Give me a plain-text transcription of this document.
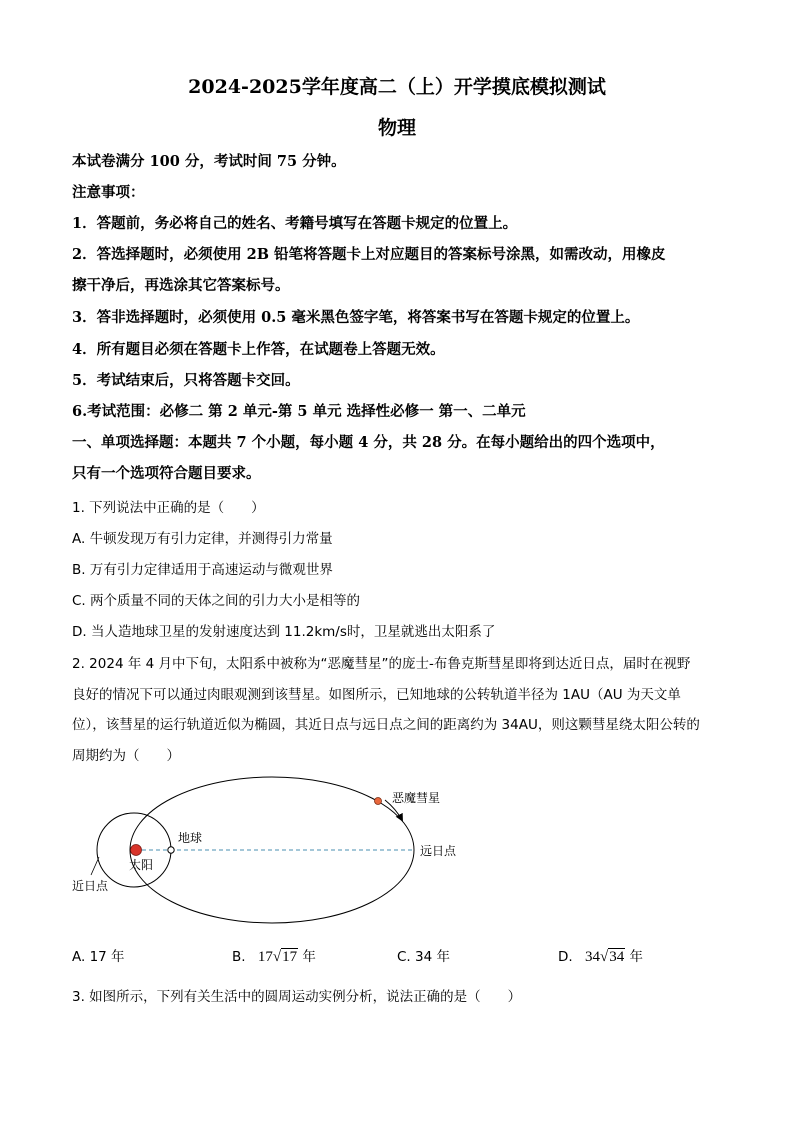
2024-2025学年度高二（上）开学摸底模拟测试
物理
本试卷满分 100 分，考试时间 75 分钟。
注意事项：
1．答题前，务必将自己的姓名、考籍号填写在答题卡规定的位置上。
2．答选择题时，必须使用 2B 铅笔将答题卡上对应题目的答案标号涂黑，如需改动，用橡皮
擦干净后，再选涂其它答案标号。
3．答非选择题时，必须使用 0.5 毫米黑色签字笔，将答案书写在答题卡规定的位置上。
4．所有题目必须在答题卡上作答，在试题卷上答题无效。
5．考试结束后，只将答题卡交回。
6.考试范围：必修二 第 2 单元-第 5 单元 选择性必修一 第一、二单元
一、单项选择题：本题共 7 个小题，每小题 4 分，共 28 分。在每小题给出的四个选项中，
只有一个选项符合题目要求。
1. 下列说法中正确的是（　　）
A. 牛顿发现万有引力定律，并测得引力常量
B. 万有引力定律适用于高速运动与微观世界
C. 两个质量不同的天体之间的引力大小是相等的
D. 当人造地球卫星的发射速度达到 11.2km/s时，卫星就逃出太阳系了
2. 2024 年 4 月中下旬，太阳系中被称为“恶魔彗星”的庞士-布鲁克斯彗星即将到达近日点，届时在视野
良好的情况下可以通过肉眼观测到该彗星。如图所示，已知地球的公转轨道半径为 1AU（AU 为天文单
位），该彗星的运行轨道近似为椭圆，其近日点与远日点之间的距离约为 34AU，则这颗彗星绕太阳公转的
周期约为（　　）
恶魔彗星
地球
太阳
远日点
近日点
A. 17 年	B. 17√17 年	C. 34 年	D. 34√34 年
3. 如图所示，下列有关生活中的圆周运动实例分析，说法正确的是（　　）
